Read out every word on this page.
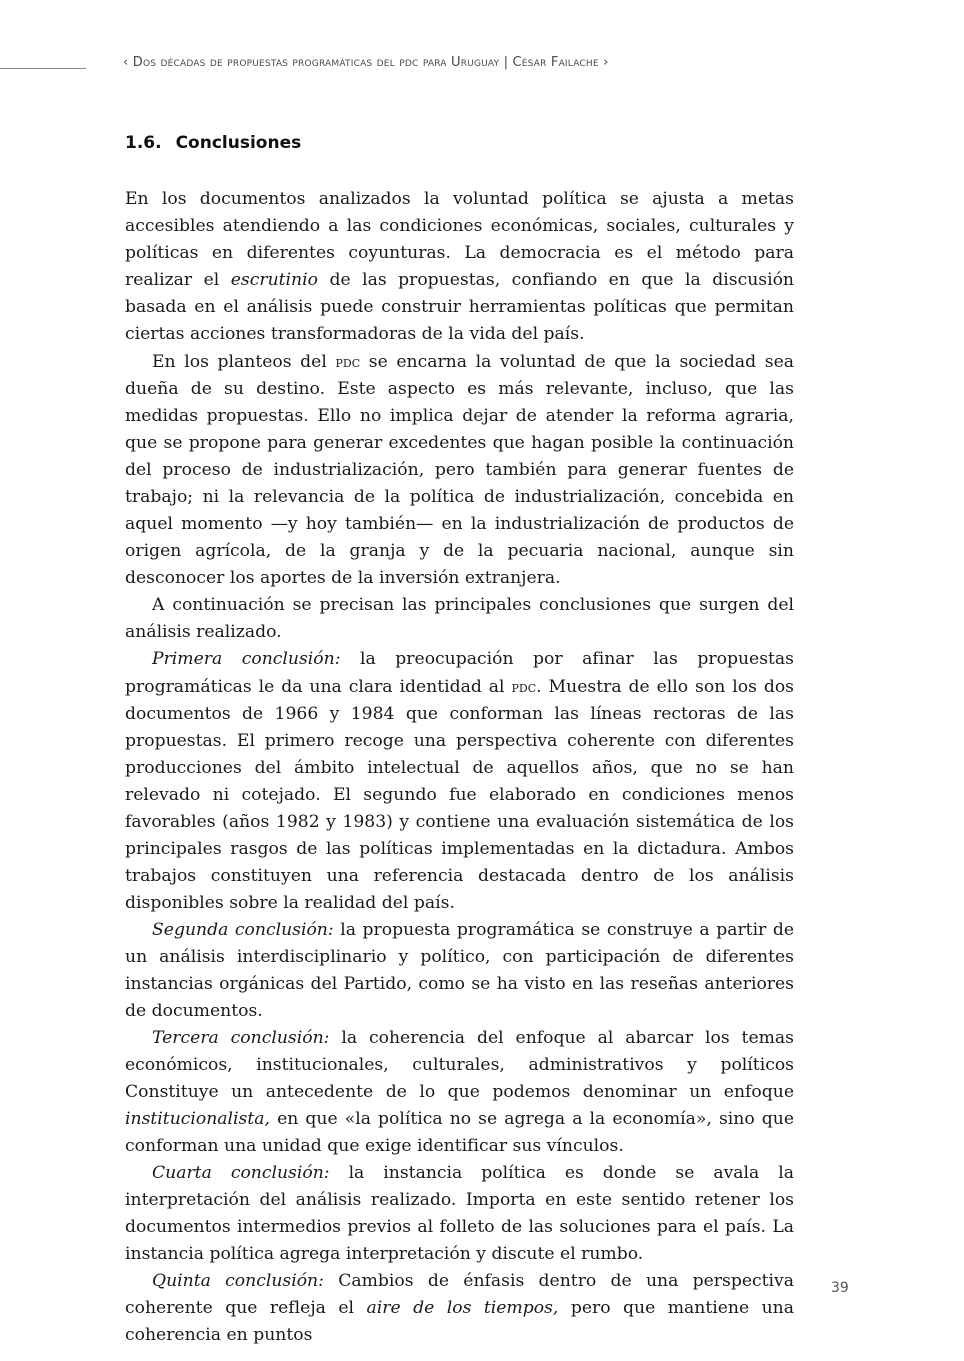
‹ Dos décadas de propuestas programáticas del pdc para Uruguay | César Failache ›
1.6. Conclusiones

En los documentos analizados la voluntad política se ajusta a metas accesibles atendiendo a las condiciones económicas, sociales, culturales y políticas en diferentes coyunturas. La democracia es el método para realizar el escrutinio de las propuestas, confiando en que la discusión basada en el análisis puede construir herramientas políticas que permitan ciertas acciones transformadoras de la vida del país.

En los planteos del pdc se encarna la voluntad de que la sociedad sea dueña de su destino. Este aspecto es más relevante, incluso, que las medidas propuestas. Ello no implica dejar de atender la reforma agraria, que se propone para generar excedentes que hagan posible la continuación del proceso de industrialización, pero también para generar fuentes de trabajo; ni la relevancia de la política de industrialización, concebida en aquel momento —y hoy también— en la industrialización de productos de origen agrícola, de la granja y de la pecuaria nacional, aunque sin desconocer los aportes de la inversión extranjera.

A continuación se precisan las principales conclusiones que surgen del análisis realizado.

Primera conclusión: la preocupación por afinar las propuestas programáticas le da una clara identidad al pdc. Muestra de ello son los dos documentos de 1966 y 1984 que conforman las líneas rectoras de las propuestas. El primero recoge una perspectiva coherente con diferentes producciones del ámbito intelectual de aquellos años, que no se han relevado ni cotejado. El segundo fue elaborado en condiciones menos favorables (años 1982 y 1983) y contiene una evaluación sistemática de los principales rasgos de las políticas implementadas en la dictadura. Ambos trabajos constituyen una referencia destacada dentro de los análisis disponibles sobre la realidad del país.

Segunda conclusión: la propuesta programática se construye a partir de un análisis interdisciplinario y político, con participación de diferentes instancias orgánicas del Partido, como se ha visto en las reseñas anteriores de documentos.

Tercera conclusión: la coherencia del enfoque al abarcar los temas económicos, institucionales, culturales, administrativos y políticos Constituye un antecedente de lo que podemos denominar un enfoque institucionalista, en que «la política no se agrega a la economía», sino que conforman una unidad que exige identificar sus vínculos.

Cuarta conclusión: la instancia política es donde se avala la interpretación del análisis realizado. Importa en este sentido retener los documentos intermedios previos al folleto de las soluciones para el país. La instancia política agrega interpretación y discute el rumbo.

Quinta conclusión: Cambios de énfasis dentro de una perspectiva coherente que refleja el aire de los tiempos, pero que mantiene una coherencia en puntos

39
